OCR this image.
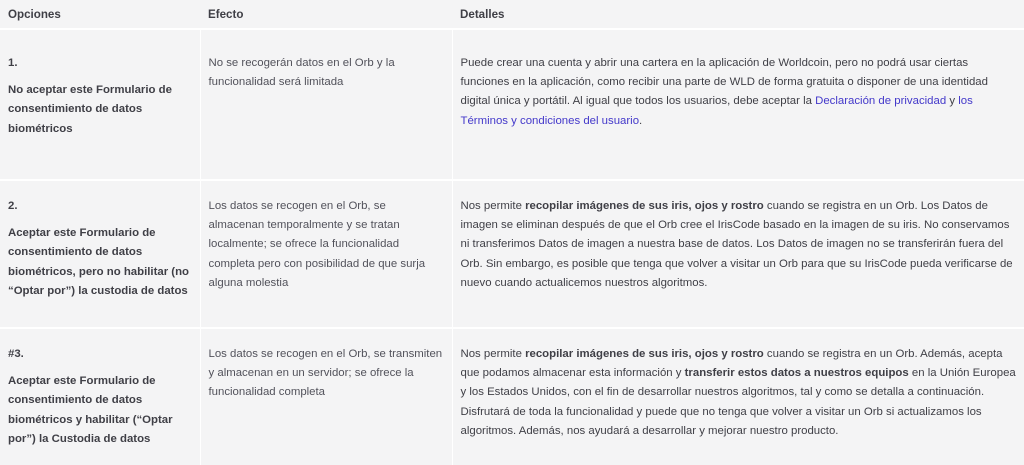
Opciones	Efecto	Detalles

1.
No aceptar este Formulario de consentimiento de datos biométricos	No se recogerán datos en el Orb y la funcionalidad será limitada	Puede crear una cuenta y abrir una cartera en la aplicación de Worldcoin, pero no podrá usar ciertas funciones en la aplicación, como recibir una parte de WLD de forma gratuita o disponer de una identidad digital única y portátil. Al igual que todos los usuarios, debe aceptar la Declaración de privacidad y los Términos y condiciones del usuario.

2.
Aceptar este Formulario de consentimiento de datos biométricos, pero no habilitar (no “Optar por”) la custodia de datos	Los datos se recogen en el Orb, se almacenan temporalmente y se tratan localmente; se ofrece la funcionalidad completa pero con posibilidad de que surja alguna molestia	Nos permite recopilar imágenes de sus iris, ojos y rostro cuando se registra en un Orb. Los Datos de imagen se eliminan después de que el Orb cree el IrisCode basado en la imagen de su iris. No conservamos ni transferimos Datos de imagen a nuestra base de datos. Los Datos de imagen no se transferirán fuera del Orb. Sin embargo, es posible que tenga que volver a visitar un Orb para que su IrisCode pueda verificarse de nuevo cuando actualicemos nuestros algoritmos.

#3.
Aceptar este Formulario de consentimiento de datos biométricos y habilitar (“Optar por”) la Custodia de datos	Los datos se recogen en el Orb, se transmiten y almacenan en un servidor; se ofrece la funcionalidad completa	Nos permite recopilar imágenes de sus iris, ojos y rostro cuando se registra en un Orb. Además, acepta que podamos almacenar esta información y transferir estos datos a nuestros equipos en la Unión Europea y los Estados Unidos, con el fin de desarrollar nuestros algoritmos, tal y como se detalla a continuación. Disfrutará de toda la funcionalidad y puede que no tenga que volver a visitar un Orb si actualizamos los algoritmos. Además, nos ayudará a desarrollar y mejorar nuestro producto.
